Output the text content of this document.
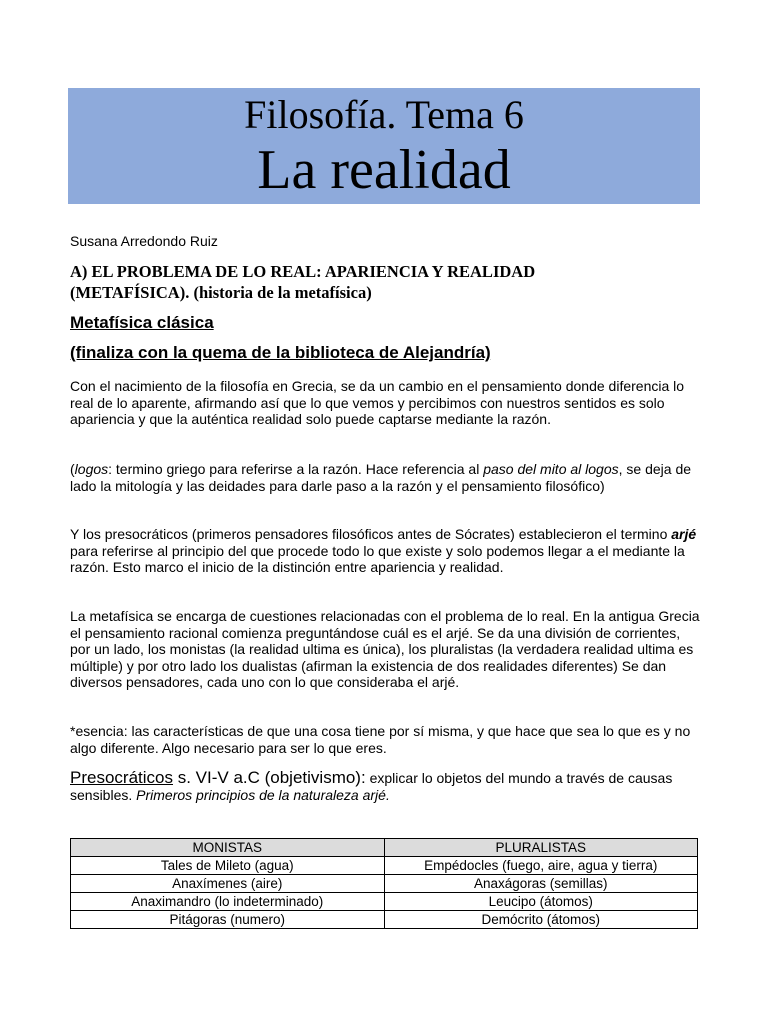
Filosofía. Tema 6
La realidad
Susana Arredondo Ruiz
A) EL PROBLEMA DE LO REAL: APARIENCIA Y REALIDAD
(METAFÍSICA). (historia de la metafísica)
Metafísica clásica
(finaliza con la quema de la biblioteca de Alejandría)

Con el nacimiento de la filosofía en Grecia, se da un cambio en el pensamiento donde diferencia lo real de lo aparente, afirmando así que lo que vemos y percibimos con nuestros sentidos es solo apariencia y que la auténtica realidad solo puede captarse mediante la razón.

(logos: termino griego para referirse a la razón. Hace referencia al paso del mito al logos, se deja de lado la mitología y las deidades para darle paso a la razón y el pensamiento filosófico)

Y los presocráticos (primeros pensadores filosóficos antes de Sócrates) establecieron el termino arjé para referirse al principio del que procede todo lo que existe y solo podemos llegar a el mediante la razón. Esto marco el inicio de la distinción entre apariencia y realidad.

La metafísica se encarga de cuestiones relacionadas con el problema de lo real. En la antigua Grecia el pensamiento racional comienza preguntándose cuál es el arjé. Se da una división de corrientes, por un lado, los monistas (la realidad ultima es única), los pluralistas (la verdadera realidad ultima es múltiple) y por otro lado los dualistas (afirman la existencia de dos realidades diferentes) Se dan diversos pensadores, cada uno con lo que consideraba el arjé.

*esencia: las características de que una cosa tiene por sí misma, y que hace que sea lo que es y no algo diferente. Algo necesario para ser lo que eres.

Presocráticos s. VI-V a.C (objetivismo): explicar lo objetos del mundo a través de causas sensibles. Primeros principios de la naturaleza arjé.

MONISTAS	PLURALISTAS
Tales de Mileto (agua)	Empédocles (fuego, aire, agua y tierra)
Anaxímenes (aire)	Anaxágoras (semillas)
Anaximandro (lo indeterminado)	Leucipo (átomos)
Pitágoras (numero)	Demócrito (átomos)
